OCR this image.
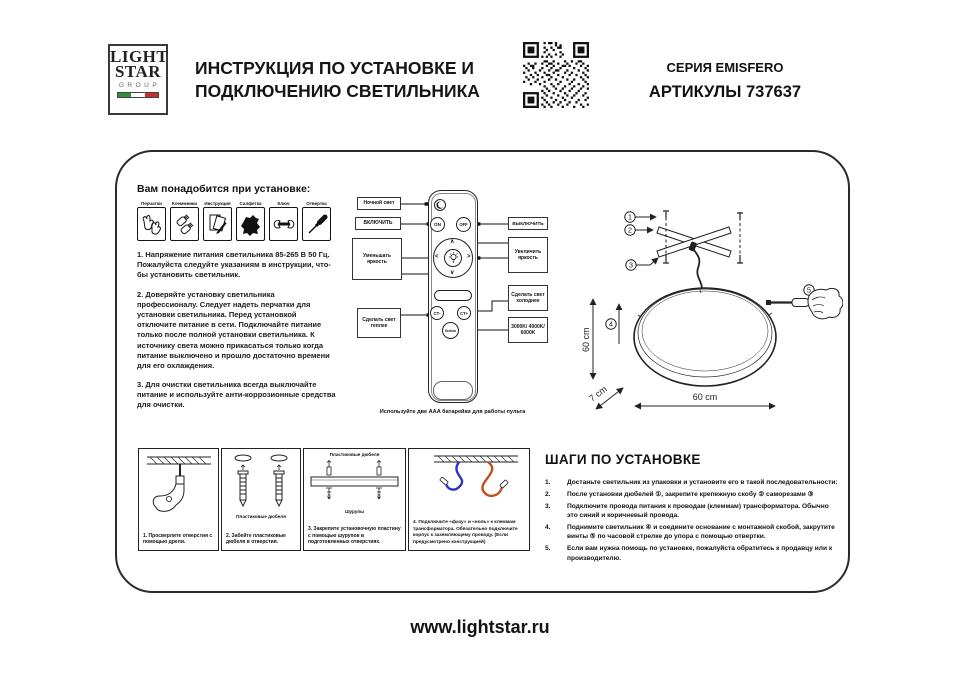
LIGHT
STAR
GROUP
ИНСТРУКЦИЯ ПО УСТАНОВКЕ И ПОДКЛЮЧЕНИЮ СВЕТИЛЬНИКА
СЕРИЯ EMISFERO
АРТИКУЛЫ 737637
Вам понадобится при установке:
Перчатки	Клеммники	Инструкция	Салфетка	Ключ	Отвертка

1. Напряжение питания светильника 85-265 В 50 Гц. Пожалуйста следуйте указаниям в инструкции, что-бы установить светильник.

2. Доверяйте установку светильника профессионалу. Следует надеть перчатки для установки светильника. Перед установкой отключите питание в сети. Подключайте питание только после полной установки светильника. К источнику света можно прикасаться только когда питание выключено и прошло достаточно времени для его охлаждения.

3. Для очистки светильника всегда выключайте питание и используйте анти-коррозионные средства для очистки.

ON	OFF
∧
∨
<	>
CT-	CT+
Section
Ночной свет
ВКЛЮЧИТЬ
Уменьшать яркость
Сделать свет теплее
ВЫКЛЮЧИТЬ
Увеличить яркость
Сделать свет холоднее
3000K/ 4000K/ 6000K
Используйте две AAA батарейки для работы пульта
1
2
3
5
4
60 cm
7 cm	60 cm
1. Просверлите отверстия с помощью дрели.
Пластиковые дюбеля
2. Забейте пластиковые дюбеля в отверстия.
Пластиковые дюбеля
Шурупы
3. Закрепите установочную пластину с помощью шурупов в подготовленных отверстиях.
4. Подключите «фазу» и «ноль» к клеммам трансформатора. Обязательно подключите корпус к заземляющему проводу. (Если предусмотрено конструкцией)
ШАГИ ПО УСТАНОВКЕ
1.	Достаньте светильник из упаковки и установите его в такой последовательности:
2.	После установки дюбелей ①, закрепите крепежную скобу ② саморезами ③
3.	Подключите провода питания к проводам (клеммам) трансформатора. Обычно это синий и коричневый провода.
4.	Поднимите светильник ④ и соедините основание с монтажной скобой, закрутите винты ⑤ по часовой стрелке до упора с помощью отвертки.
5.	Если вам нужна помощь по установке, пожалуйста обратитесь к продавцу или к производителю.
www.lightstar.ru
